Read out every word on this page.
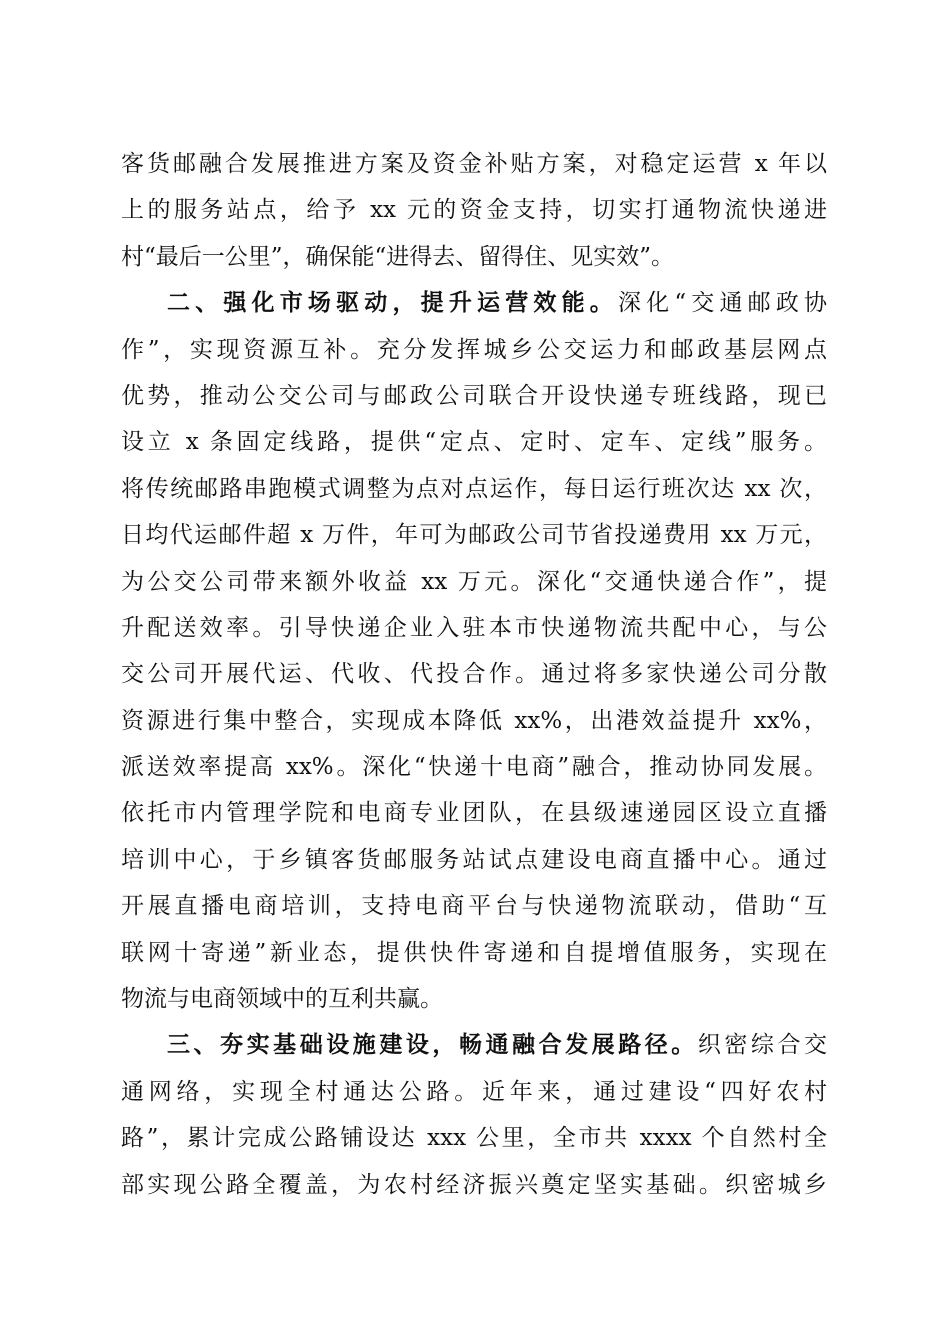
客货邮融合发展推进方案及资金补贴方案，对稳定运营 x 年以
上的服务站点，给予 xx 元的资金支持，切实打通物流快递进
村“最后一公里”，确保能“进得去、留得住、见实效”。
二、强化市场驱动，提升运营效能。深化“交通邮政协
作”，实现资源互补。充分发挥城乡公交运力和邮政基层网点
优势，推动公交公司与邮政公司联合开设快递专班线路，现已
设立 x 条固定线路，提供“定点、定时、定车、定线”服务。
将传统邮路串跑模式调整为点对点运作，每日运行班次达 xx 次，
日均代运邮件超 x 万件，年可为邮政公司节省投递费用 xx 万元，
为公交公司带来额外收益 xx 万元。深化“交通快递合作”，提
升配送效率。引导快递企业入驻本市快递物流共配中心，与公
交公司开展代运、代收、代投合作。通过将多家快递公司分散
资源进行集中整合，实现成本降低 xx%，出港效益提升 xx%，
派送效率提高 xx%。深化“快递十电商”融合，推动协同发展。
依托市内管理学院和电商专业团队，在县级速递园区设立直播
培训中心，于乡镇客货邮服务站试点建设电商直播中心。通过
开展直播电商培训，支持电商平台与快递物流联动，借助“互
联网十寄递”新业态，提供快件寄递和自提增值服务，实现在
物流与电商领域中的互利共赢。
三、夯实基础设施建设，畅通融合发展路径。织密综合交
通网络，实现全村通达公路。近年来，通过建设“四好农村
路”，累计完成公路铺设达 xxx 公里，全市共 xxxx 个自然村全
部实现公路全覆盖，为农村经济振兴奠定坚实基础。织密城乡
